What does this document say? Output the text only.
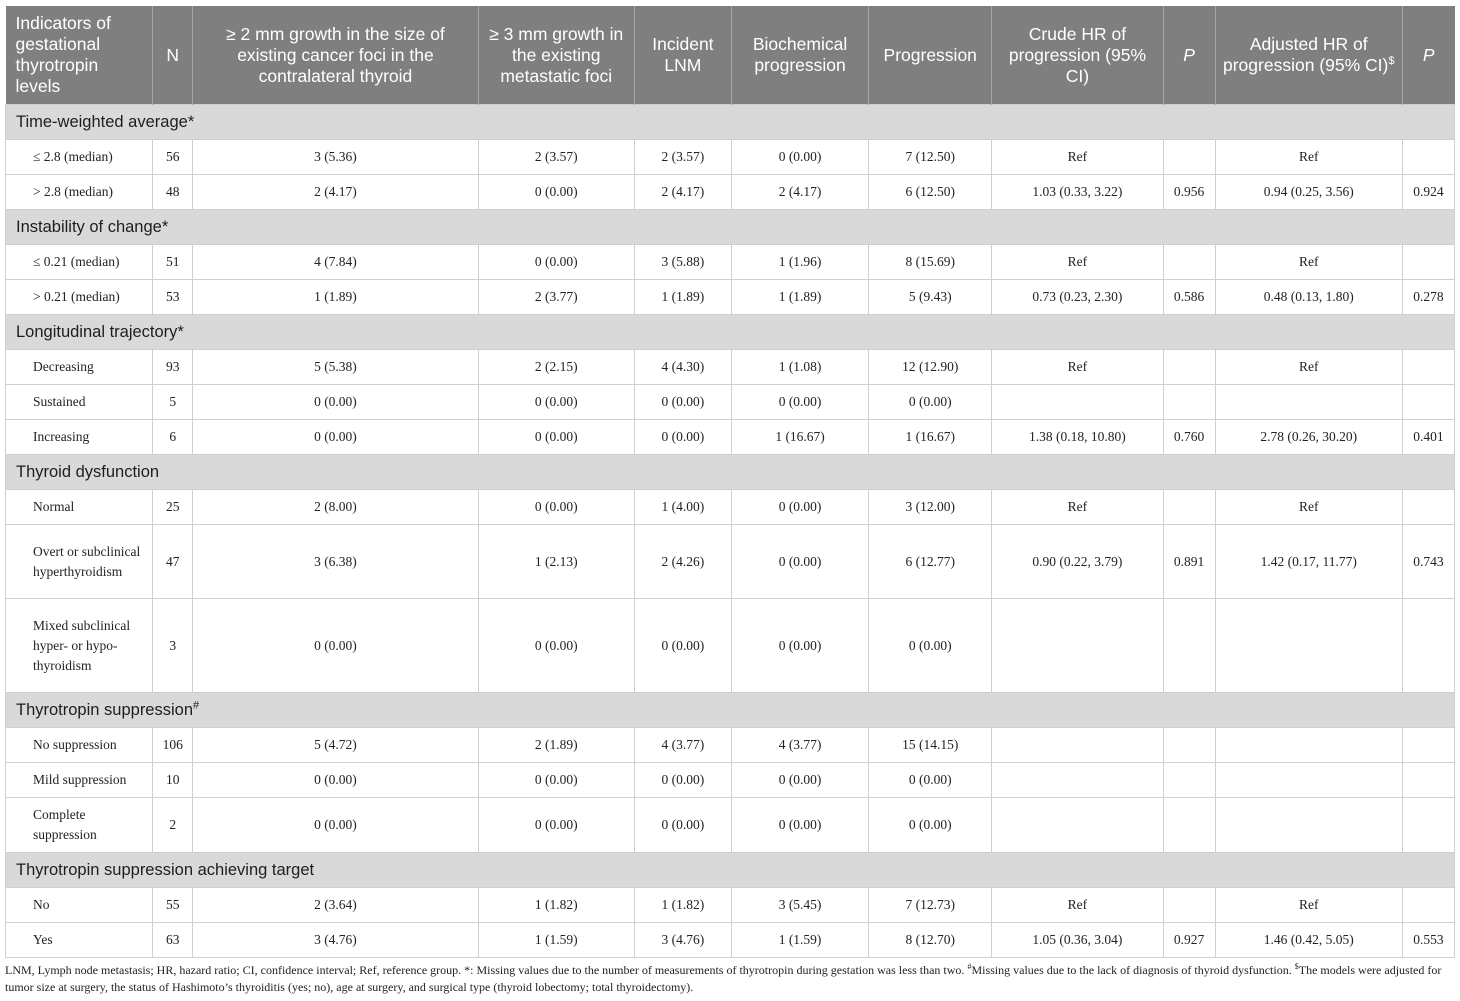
Indicators of gestational thyrotropin levels	N	≥ 2 mm growth in the size of existing cancer foci in the contralateral thyroid	≥ 3 mm growth in the existing metastatic foci	Incident LNM	Biochemical progression	Progression	Crude HR of progression (95% CI)	P	Adjusted HR of progression (95% CI)$	P
Time-weighted average*										
≤ 2.8 (median)	56	3 (5.36)	2 (3.57)	2 (3.57)	0 (0.00)	7 (12.50)	Ref		Ref	
> 2.8 (median)	48	2 (4.17)	0 (0.00)	2 (4.17)	2 (4.17)	6 (12.50)	1.03 (0.33, 3.22)	0.956	0.94 (0.25, 3.56)	0.924
Instability of change*										
≤ 0.21 (median)	51	4 (7.84)	0 (0.00)	3 (5.88)	1 (1.96)	8 (15.69)	Ref		Ref	
> 0.21 (median)	53	1 (1.89)	2 (3.77)	1 (1.89)	1 (1.89)	5 (9.43)	0.73 (0.23, 2.30)	0.586	0.48 (0.13, 1.80)	0.278
Longitudinal trajectory*										
Decreasing	93	5 (5.38)	2 (2.15)	4 (4.30)	1 (1.08)	12 (12.90)	Ref		Ref	
Sustained	5	0 (0.00)	0 (0.00)	0 (0.00)	0 (0.00)	0 (0.00)				
Increasing	6	0 (0.00)	0 (0.00)	0 (0.00)	1 (16.67)	1 (16.67)	1.38 (0.18, 10.80)	0.760	2.78 (0.26, 30.20)	0.401
Thyroid dysfunction										
Normal	25	2 (8.00)	0 (0.00)	1 (4.00)	0 (0.00)	3 (12.00)	Ref		Ref	
Overt or subclinical hyperthyroidism	47	3 (6.38)	1 (2.13)	2 (4.26)	0 (0.00)	6 (12.77)	0.90 (0.22, 3.79)	0.891	1.42 (0.17, 11.77)	0.743
Mixed subclinical hyper- or hypo-thyroidism	3	0 (0.00)	0 (0.00)	0 (0.00)	0 (0.00)	0 (0.00)				
Thyrotropin suppression#
No suppression	106	5 (4.72)	2 (1.89)	4 (3.77)	4 (3.77)	15 (14.15)				
Mild suppression	10	0 (0.00)	0 (0.00)	0 (0.00)	0 (0.00)	0 (0.00)				
Complete suppression	2	0 (0.00)	0 (0.00)	0 (0.00)	0 (0.00)	0 (0.00)				
Thyrotropin suppression achieving target										
No	55	2 (3.64)	1 (1.82)	1 (1.82)	3 (5.45)	7 (12.73)	Ref		Ref	
Yes	63	3 (4.76)	1 (1.59)	3 (4.76)	1 (1.59)	8 (12.70)	1.05 (0.36, 3.04)	0.927	1.46 (0.42, 5.05)	0.553
LNM, Lymph node metastasis; HR, hazard ratio; CI, confidence interval; Ref, reference group. *: Missing values due to the number of measurements of thyrotropin during gestation was less than two. #Missing values due to the lack of diagnosis of thyroid dysfunction. $The models were adjusted for tumor size at surgery, the status of Hashimoto’s thyroiditis (yes; no), age at surgery, and surgical type (thyroid lobectomy; total thyroidectomy).
